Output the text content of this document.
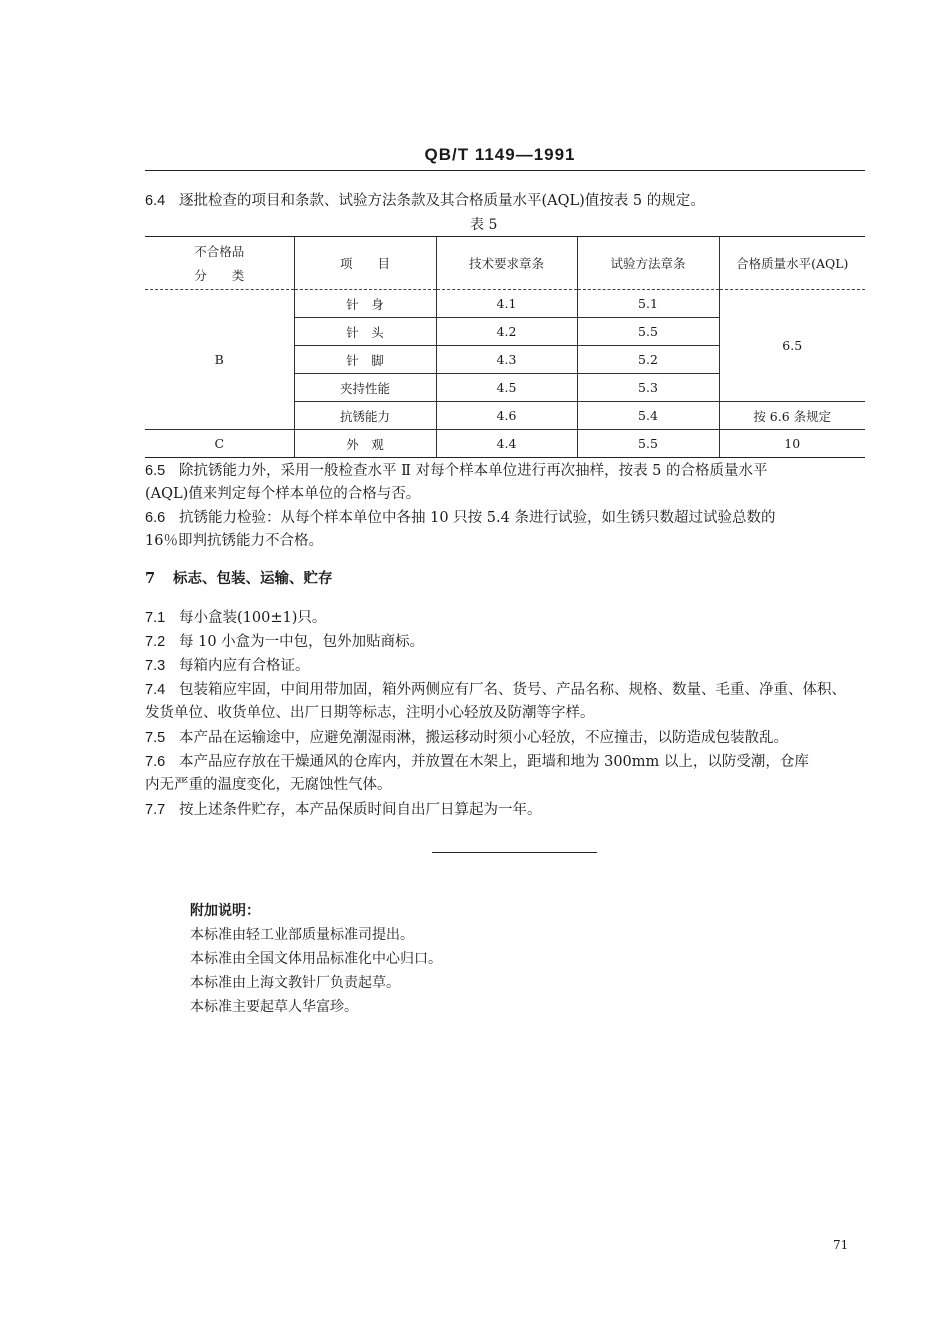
QB/T 1149—1991
6.4 逐批检查的项目和条款、试验方法条款及其合格质量水平(AQL)值按表 5 的规定。
表 5
不合格品
分　　类	项　　目	技术要求章条	试验方法章条	合格质量水平(AQL)
B	针　身	4.1	5.1	6.5
	针　头	4.2	5.5	
	针　脚	4.3	5.2	
	夹持性能	4.5	5.3	
	抗锈能力	4.6	5.4	按 6.6 条规定
C	外　观	4.4	5.5	10
6.5 除抗锈能力外，采用一般检查水平 Ⅱ 对每个样本单位进行再次抽样，按表 5 的合格质量水平
(AQL)值来判定每个样本单位的合格与否。
6.6 抗锈能力检验：从每个样本单位中各抽 10 只按 5.4 条进行试验，如生锈只数超过试验总数的
16％即判抗锈能力不合格。
7 标志、包装、运输、贮存
7.1 每小盒装(100±1)只。
7.2 每 10 小盒为一中包，包外加贴商标。
7.3 每箱内应有合格证。
7.4 包装箱应牢固，中间用带加固，箱外两侧应有厂名、货号、产品名称、规格、数量、毛重、净重、体积、
发货单位、收货单位、出厂日期等标志，注明小心轻放及防潮等字样。
7.5 本产品在运输途中，应避免潮湿雨淋，搬运移动时须小心轻放，不应撞击，以防造成包装散乱。
7.6 本产品应存放在干燥通风的仓库内，并放置在木架上，距墙和地为 300mm 以上，以防受潮，仓库
内无严重的温度变化，无腐蚀性气体。
7.7 按上述条件贮存，本产品保质时间自出厂日算起为一年。
附加说明：
本标准由轻工业部质量标准司提出。
本标准由全国文体用品标准化中心归口。
本标准由上海文教针厂负责起草。
本标准主要起草人华富珍。
71
